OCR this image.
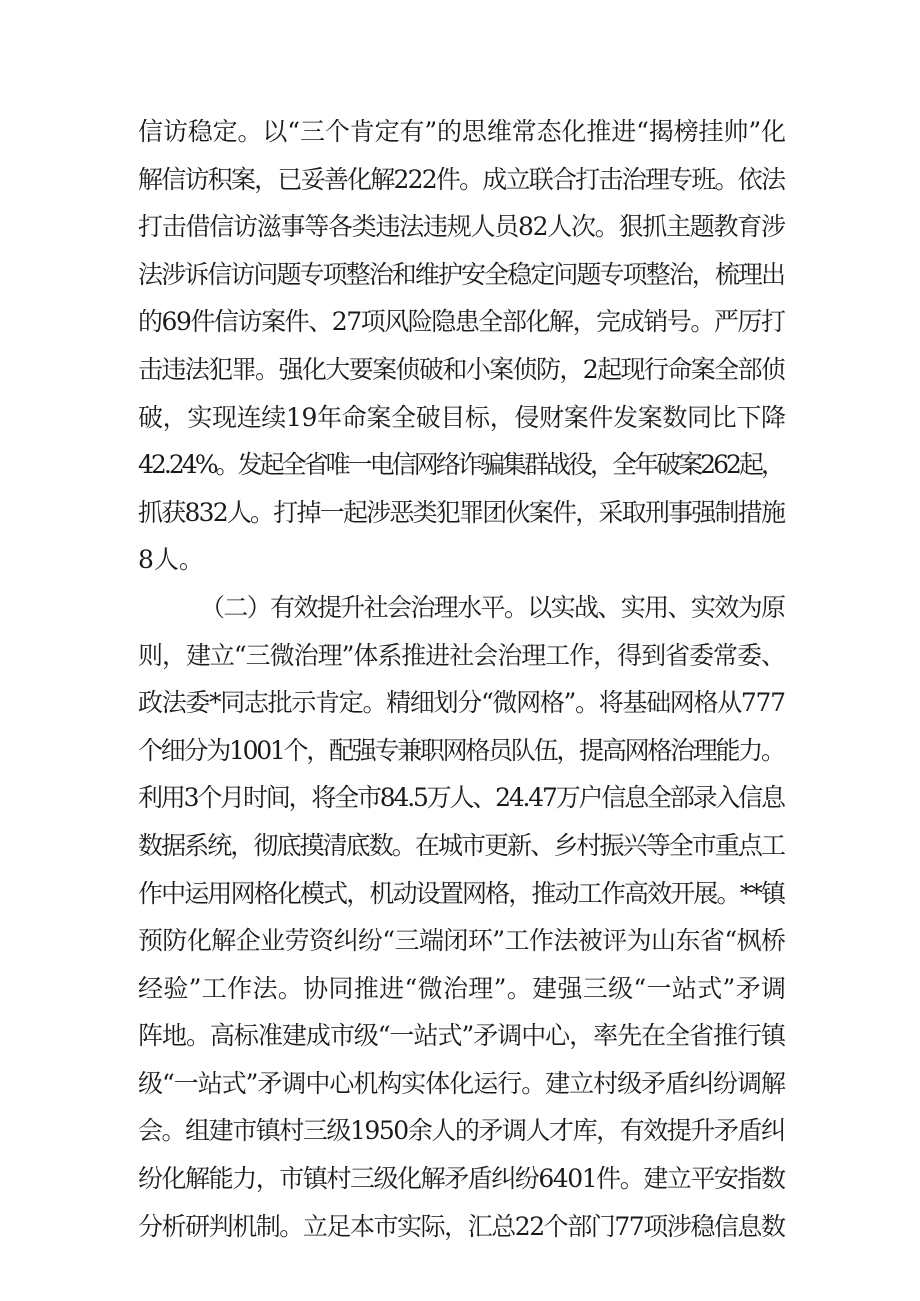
信访稳定。以“三个肯定有”的思维常态化推进“揭榜挂帅”化
解信访积案，已妥善化解222件。成立联合打击治理专班。依法
打击借信访滋事等各类违法违规人员82人次。狠抓主题教育涉
法涉诉信访问题专项整治和维护安全稳定问题专项整治，梳理出
的69件信访案件、27项风险隐患全部化解，完成销号。严厉打
击违法犯罪。强化大要案侦破和小案侦防，2起现行命案全部侦
破，实现连续19年命案全破目标，侵财案件发案数同比下降
42.24%。发起全省唯一电信网络诈骗集群战役，全年破案262起，
抓获832人。打掉一起涉恶类犯罪团伙案件，采取刑事强制措施
8人。
（二）有效提升社会治理水平。以实战、实用、实效为原
则，建立“三微治理”体系推进社会治理工作，得到省委常委、
政法委*同志批示肯定。精细划分“微网格”。将基础网格从777
个细分为1001个，配强专兼职网格员队伍，提高网格治理能力。
利用3个月时间，将全市84.5万人、24.47万户信息全部录入信息
数据系统，彻底摸清底数。在城市更新、乡村振兴等全市重点工
作中运用网格化模式，机动设置网格，推动工作高效开展。**镇
预防化解企业劳资纠纷“三端闭环”工作法被评为山东省“枫桥
经验”工作法。协同推进“微治理”。建强三级“一站式”矛调
阵地。高标准建成市级“一站式”矛调中心，率先在全省推行镇
级“一站式”矛调中心机构实体化运行。建立村级矛盾纠纷调解
会。组建市镇村三级1950余人的矛调人才库，有效提升矛盾纠
纷化解能力，市镇村三级化解矛盾纠纷6401件。建立平安指数
分析研判机制。立足本市实际，汇总22个部门77项涉稳信息数
